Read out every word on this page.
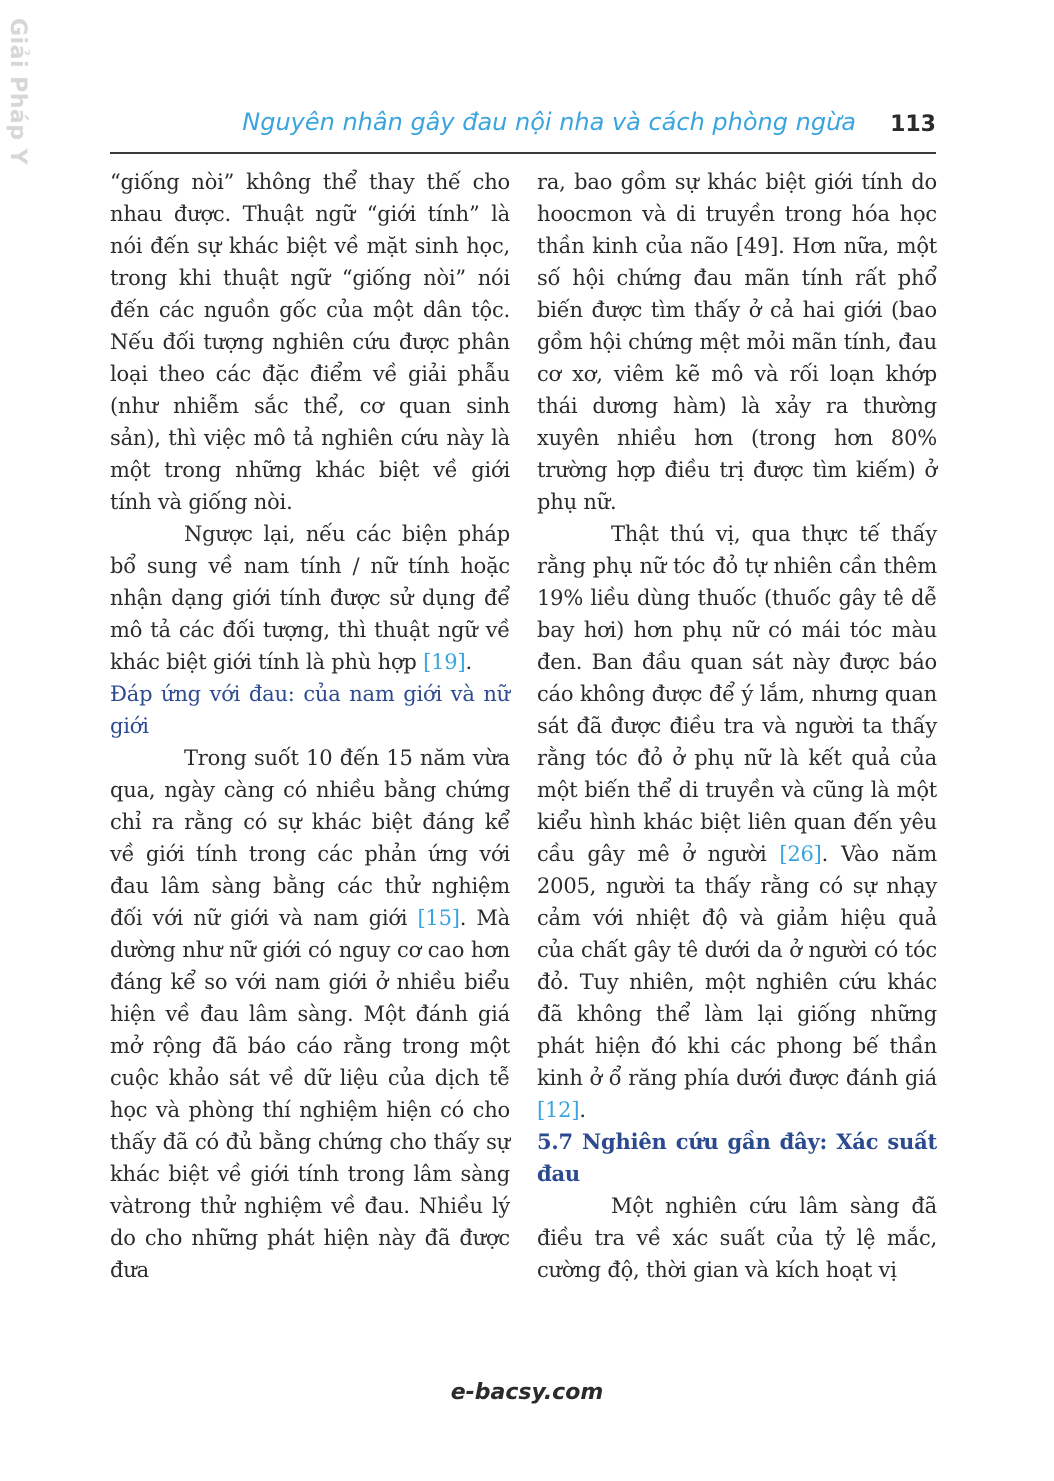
Giải Pháp Y
Nguyên nhân gây đau nội nha và cách phòng ngừa 113

“giống nòi” không thể thay thế cho nhau được. Thuật ngữ “giới tính” là nói đến sự khác biệt về mặt sinh học, trong khi thuật ngữ “giống nòi” nói đến các nguồn gốc của một dân tộc. Nếu đối tượng nghiên cứu được phân loại theo các đặc điểm về giải phẫu (như nhiễm sắc thể, cơ quan sinh sản), thì việc mô tả nghiên cứu này là một trong những khác biệt về giới tính và giống nòi.

Ngược lại, nếu các biện pháp bổ sung về nam tính / nữ tính hoặc nhận dạng giới tính được sử dụng để mô tả các đối tượng, thì thuật ngữ về khác biệt giới tính là phù hợp [19].

Đáp ứng với đau: của nam giới và nữ giới

Trong suốt 10 đến 15 năm vừa qua, ngày càng có nhiều bằng chứng chỉ ra rằng có sự khác biệt đáng kể về giới tính trong các phản ứng với đau lâm sàng bằng các thử nghiệm đối với nữ giới và nam giới [15]. Mà dường như nữ giới có nguy cơ cao hơn đáng kể so với nam giới ở nhiều biểu hiện về đau lâm sàng. Một đánh giá mở rộng đã báo cáo rằng trong một cuộc khảo sát về dữ liệu của dịch tễ học và phòng thí nghiệm hiện có cho thấy đã có đủ bằng chứng cho thấy sự khác biệt về giới tính trong lâm sàng vàtrong thử nghiệm về đau. Nhiều lý do cho những phát hiện này đã được đưa

ra, bao gồm sự khác biệt giới tính do hoocmon và di truyền trong hóa học thần kinh của não [49]. Hơn nữa, một số hội chứng đau mãn tính rất phổ biến được tìm thấy ở cả hai giới (bao gồm hội chứng mệt mỏi mãn tính, đau cơ xơ, viêm kẽ mô và rối loạn khớp thái dương hàm) là xảy ra thường xuyên nhiều hơn (trong hơn 80% trường hợp điều trị được tìm kiếm) ở phụ nữ.

Thật thú vị, qua thực tế thấy rằng phụ nữ tóc đỏ tự nhiên cần thêm 19% liều dùng thuốc (thuốc gây tê dễ bay hơi) hơn phụ nữ có mái tóc màu đen. Ban đầu quan sát này được báo cáo không được để ý lắm, nhưng quan sát đã được điều tra và người ta thấy rằng tóc đỏ ở phụ nữ là kết quả của một biến thể di truyền và cũng là một kiểu hình khác biệt liên quan đến yêu cầu gây mê ở người [26]. Vào năm 2005, người ta thấy rằng có sự nhạy cảm với nhiệt độ và giảm hiệu quả của chất gây tê dưới da ở người có tóc đỏ. Tuy nhiên, một nghiên cứu khác đã không thể làm lại giống những phát hiện đó khi các phong bế thần kinh ở ổ răng phía dưới được đánh giá [12].

5.7 Nghiên cứu gần đây: Xác suất đau

Một nghiên cứu lâm sàng đã điều tra về xác suất của tỷ lệ mắc, cường độ, thời gian và kích hoạt vị

e-bacsy.com
